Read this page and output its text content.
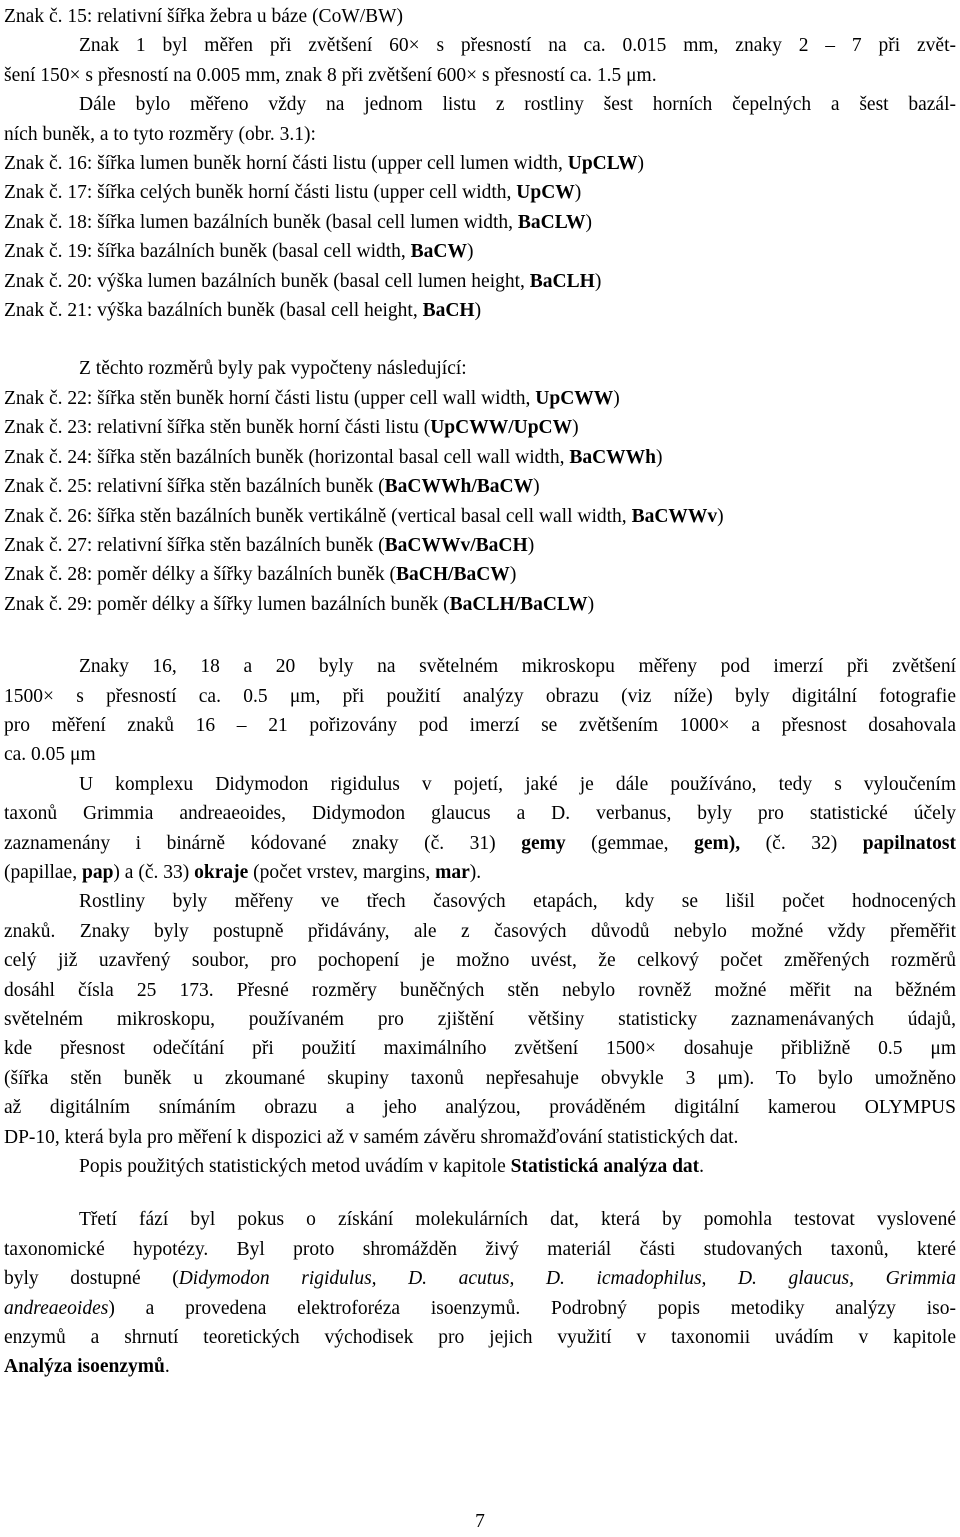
Znak č. 15: relativní šířka žebra u báze (CoW/BW)
Znak 1 byl měřen při zvětšení 60× s přesností na ca. 0.015 mm, znaky 2 – 7 při zvět-
šení 150× s přesností na 0.005 mm, znak 8 při zvětšení 600× s přesností ca. 1.5 μm.
Dále bylo měřeno vždy na jednom listu z rostliny šest horních čepelných a šest bazál-
ních buněk, a to tyto rozměry (obr. 3.1):
Znak č. 16: šířka lumen buněk horní části listu (upper cell lumen width, UpCLW)
Znak č. 17: šířka celých buněk horní části listu (upper cell width, UpCW)
Znak č. 18: šířka lumen bazálních buněk (basal cell lumen width, BaCLW)
Znak č. 19: šířka bazálních buněk (basal cell width, BaCW)
Znak č. 20: výška lumen bazálních buněk (basal cell lumen height, BaCLH)
Znak č. 21: výška bazálních buněk (basal cell height, BaCH)
Z těchto rozměrů byly pak vypočteny následující:
Znak č. 22: šířka stěn buněk horní části listu (upper cell wall width, UpCWW)
Znak č. 23: relativní šířka stěn buněk horní části listu (UpCWW/UpCW)
Znak č. 24: šířka stěn bazálních buněk (horizontal basal cell wall width, BaCWWh)
Znak č. 25: relativní šířka stěn bazálních buněk (BaCWWh/BaCW)
Znak č. 26: šířka stěn bazálních buněk vertikálně (vertical basal cell wall width, BaCWWv)
Znak č. 27: relativní šířka stěn bazálních buněk (BaCWWv/BaCH)
Znak č. 28: poměr délky a šířky bazálních buněk (BaCH/BaCW)
Znak č. 29: poměr délky a šířky lumen bazálních buněk (BaCLH/BaCLW)
Znaky 16, 18 a 20 byly na světelném mikroskopu měřeny pod imerzí při zvětšení
1500× s přesností ca. 0.5 μm, při použití analýzy obrazu (viz níže) byly digitální fotografie
pro měření znaků 16 – 21 pořizovány pod imerzí se zvětšením 1000× a přesnost dosahovala
ca. 0.05 μm
U komplexu Didymodon rigidulus v pojetí, jaké je dále používáno, tedy s vyloučením
taxonů Grimmia andreaeoides, Didymodon glaucus a D. verbanus, byly pro statistické účely
zaznamenány i binárně kódované znaky (č. 31) gemy (gemmae, gem), (č. 32) papilnatost
(papillae, pap) a (č. 33) okraje (počet vrstev, margins, mar).
Rostliny byly měřeny ve třech časových etapách, kdy se lišil počet hodnocených
znaků. Znaky byly postupně přidávány, ale z časových důvodů nebylo možné vždy přeměřit
celý již uzavřený soubor, pro pochopení je možno uvést, že celkový počet změřených rozměrů
dosáhl čísla 25 173. Přesné rozměry buněčných stěn nebylo rovněž možné měřit na běžném
světelném mikroskopu, používaném pro zjištění většiny statisticky zaznamenávaných údajů,
kde přesnost odečítání při použití maximálního zvětšení 1500× dosahuje přibližně 0.5 μm
(šířka stěn buněk u zkoumané skupiny taxonů nepřesahuje obvykle 3 μm). To bylo umožněno
až digitálním snímáním obrazu a jeho analýzou, prováděném digitální kamerou OLYMPUS
DP-10, která byla pro měření k dispozici až v samém závěru shromažďování statistických dat.
Popis použitých statistických metod uvádím v kapitole Statistická analýza dat.
Třetí fází byl pokus o získání molekulárních dat, která by pomohla testovat vyslovené
taxonomické hypotézy. Byl proto shromážděn živý materiál části studovaných taxonů, které
byly dostupné (Didymodon rigidulus, D. acutus, D. icmadophilus, D. glaucus, Grimmia
andreaeoides) a provedena elektroforéza isoenzymů. Podrobný popis metodiky analýzy iso-
enzymů a shrnutí teoretických východisek pro jejich využití v taxonomii uvádím v kapitole
Analýza isoenzymů.
7
